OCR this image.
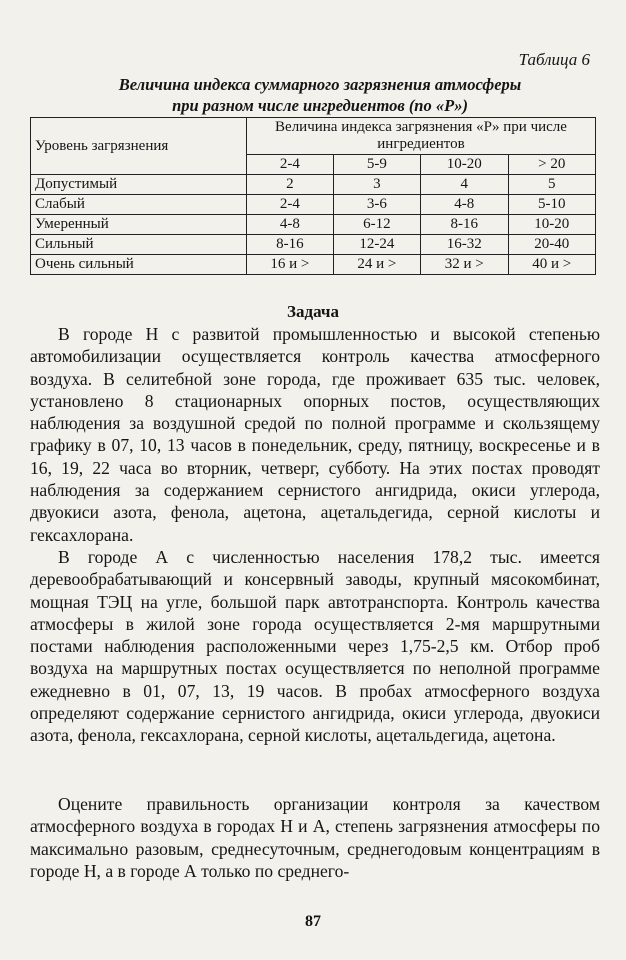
Таблица 6
Величина индекса суммарного загрязнения атмосферы
при разном числе ингредиентов (по «P»)
Уровень загрязнения	Величина индекса загрязнения «P» при числе ингредиентов			
	2-4	5-9	10-20	> 20
Допустимый	2	3	4	5
Слабый	2-4	3-6	4-8	5-10
Умеренный	4-8	6-12	8-16	10-20
Сильный	8-16	12-24	16-32	20-40
Очень сильный	16 и >	24 и >	32 и >	40 и >
Задача

В городе Н с развитой промышленностью и высокой степенью автомобилизации осуществляется контроль качества атмосферного воздуха. В селитебной зоне города, где проживает 635 тыс. человек, установлено 8 стационарных опорных постов, осуществляющих наблюдения за воздушной средой по полной программе и скользящему графику в 07, 10, 13 часов в понедельник, среду, пятницу, воскресенье и в 16, 19, 22 часа во вторник, четверг, субботу. На этих постах проводят наблюдения за содержанием сернистого ангидрида, окиси углерода, двуокиси азота, фенола, ацетона, ацетальдегида, серной кислоты и гексахлорана.

В городе А с численностью населения 178,2 тыс. имеется деревообрабатывающий и консервный заводы, крупный мясокомбинат, мощная ТЭЦ на угле, большой парк автотранспорта. Контроль качества атмосферы в жилой зоне города осуществляется 2-мя маршрутными постами наблюдения расположенными через 1,75-2,5 км. Отбор проб воздуха на маршрутных постах осуществляется по неполной программе ежедневно в 01, 07, 13, 19 часов. В пробах атмосферного воздуха определяют содержание сернистого ангидрида, окиси углерода, двуокиси азота, фенола, гексахлорана, серной кислоты, ацетальдегида, ацетона.

Оцените правильность организации контроля за качеством атмосферного воздуха в городах Н и А, степень загрязнения атмосферы по максимально разовым, среднесуточным, среднегодовым концентрациям в городе Н, а в городе А только по среднего-

87
